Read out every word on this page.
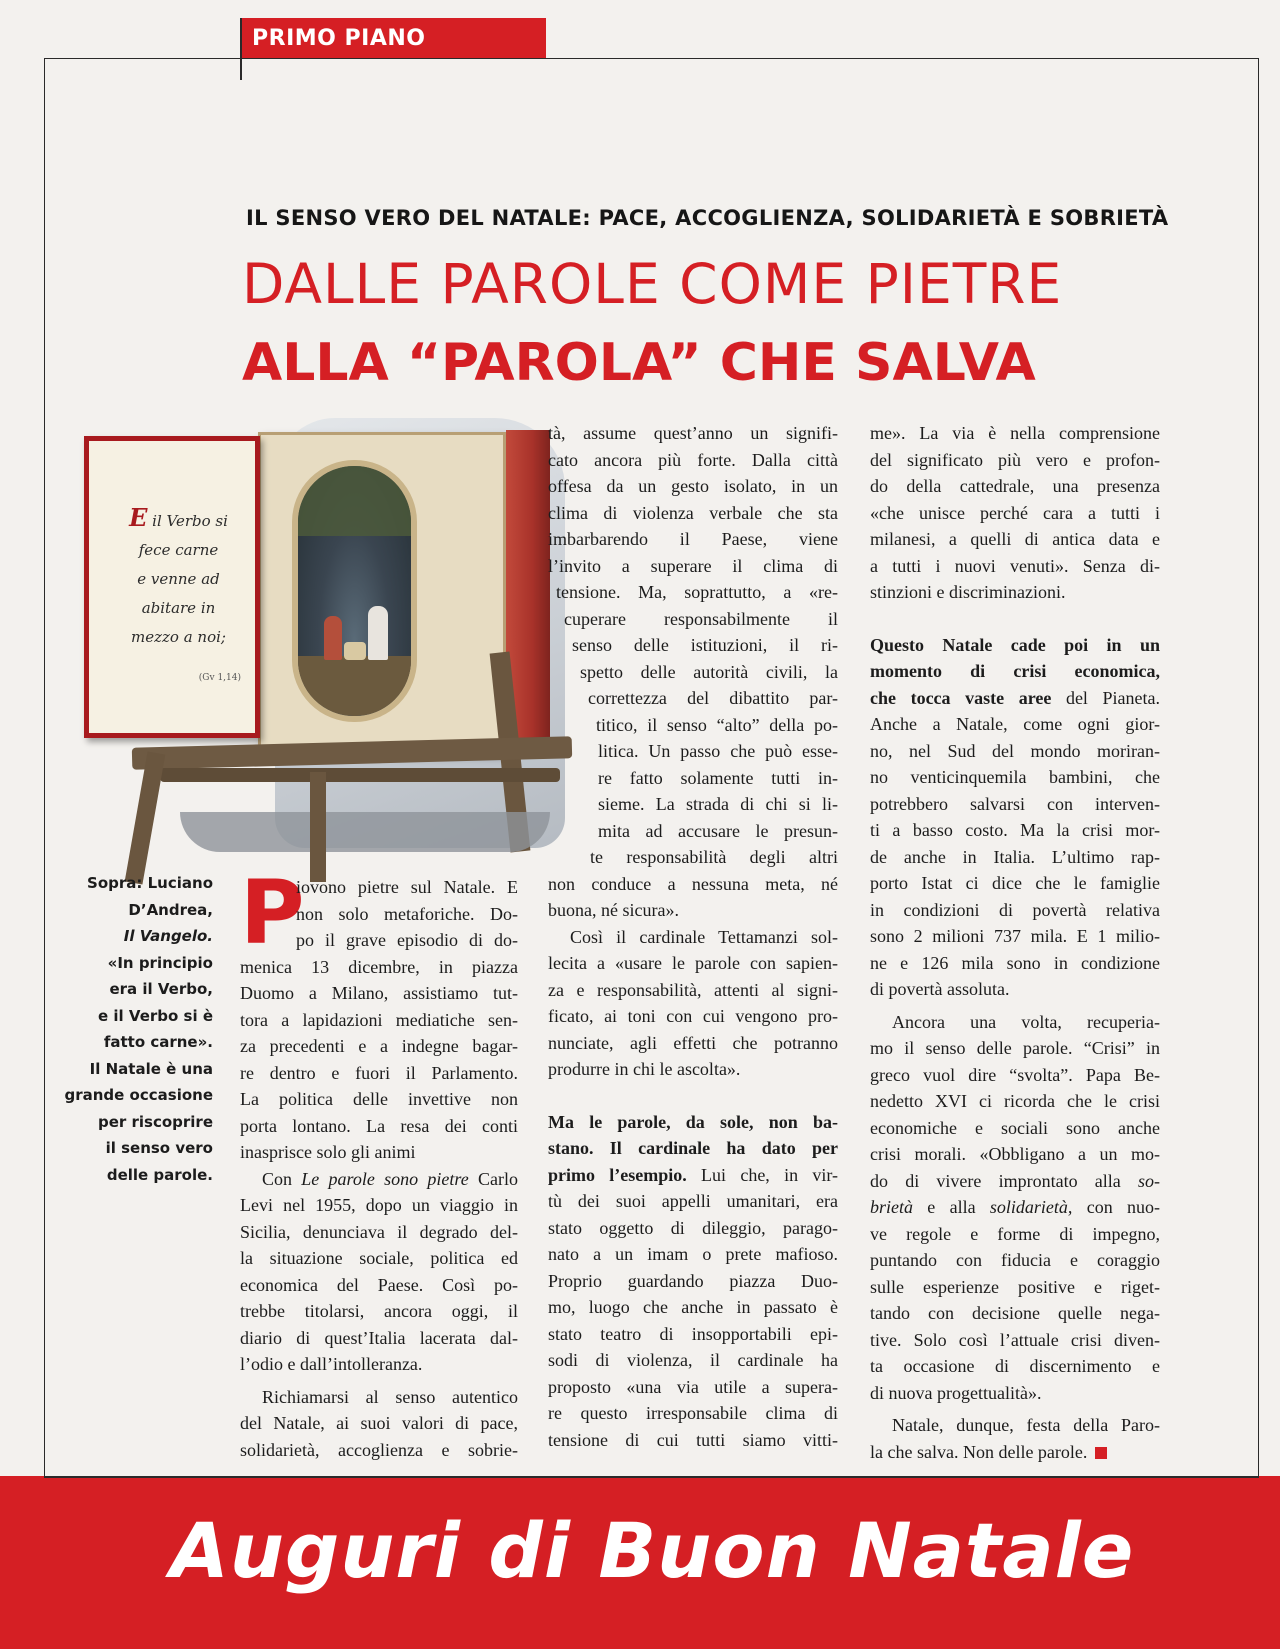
PRIMO PIANO
IL SENSO VERO DEL NATALE: PACE, ACCOGLIENZA, SOLIDARIETÀ E SOBRIETÀ
DALLE PAROLE COME PIETRE
ALLA “PAROLA” CHE SALVA
E il Verbo si
fece carne
e venne ad
abitare in
mezzo a noi;
(Gv 1,14)
Sopra: Luciano
D’Andrea,
Il Vangelo.
«In principio
era il Verbo,
e il Verbo si è
fatto carne».
Il Natale è una
grande occasione
per riscoprire
il senso vero
delle parole.
P
iovono pietre sul Natale. E
non solo metaforiche. Do-
po il grave episodio di do-
menica 13 dicembre, in piazza
Duomo a Milano, assistiamo tut-
tora a lapidazioni mediatiche sen-
za precedenti e a indegne bagar-
re dentro e fuori il Parlamento.
La politica delle invettive non
porta lontano. La resa dei conti
inasprisce solo gli animi
Con Le parole sono pietre Carlo
Levi nel 1955, dopo un viaggio in
Sicilia, denunciava il degrado del-
la situazione sociale, politica ed
economica del Paese. Così po-
trebbe titolarsi, ancora oggi, il
diario di quest’Italia lacerata dal-
l’odio e dall’intolleranza.
Richiamarsi al senso autentico
del Natale, ai suoi valori di pace,
solidarietà, accoglienza e sobrie-
tà, assume quest’anno un signifi-
cato ancora più forte. Dalla città
offesa da un gesto isolato, in un
clima di violenza verbale che sta
imbarbarendo il Paese, viene
l’invito a superare il clima di
tensione. Ma, soprattutto, a «re-
cuperare responsabilmente il
senso delle istituzioni, il ri-
spetto delle autorità civili, la
correttezza del dibattito par-
titico, il senso “alto” della po-
litica. Un passo che può esse-
re fatto solamente tutti in-
sieme. La strada di chi si li-
mita ad accusare le presun-
te responsabilità degli altri
non conduce a nessuna meta, né
buona, né sicura».
Così il cardinale Tettamanzi sol-
lecita a «usare le parole con sapien-
za e responsabilità, attenti al signi-
ficato, ai toni con cui vengono pro-
nunciate, agli effetti che potranno
produrre in chi le ascolta».
Ma le parole, da sole, non ba-
stano. Il cardinale ha dato per
primo l’esempio. Lui che, in vir-
tù dei suoi appelli umanitari, era
stato oggetto di dileggio, parago-
nato a un imam o prete mafioso.
Proprio guardando piazza Duo-
mo, luogo che anche in passato è
stato teatro di insopportabili epi-
sodi di violenza, il cardinale ha
proposto «una via utile a supera-
re questo irresponsabile clima di
tensione di cui tutti siamo vitti-
me». La via è nella comprensione
del significato più vero e profon-
do della cattedrale, una presenza
«che unisce perché cara a tutti i
milanesi, a quelli di antica data e
a tutti i nuovi venuti». Senza di-
stinzioni e discriminazioni.
Questo Natale cade poi in un
momento di crisi economica,
che tocca vaste aree del Pianeta.
Anche a Natale, come ogni gior-
no, nel Sud del mondo moriran-
no venticinquemila bambini, che
potrebbero salvarsi con interven-
ti a basso costo. Ma la crisi mor-
de anche in Italia. L’ultimo rap-
porto Istat ci dice che le famiglie
in condizioni di povertà relativa
sono 2 milioni 737 mila. E 1 milio-
ne e 126 mila sono in condizione
di povertà assoluta.
Ancora una volta, recuperia-
mo il senso delle parole. “Crisi” in
greco vuol dire “svolta”. Papa Be-
nedetto XVI ci ricorda che le crisi
economiche e sociali sono anche
crisi morali. «Obbligano a un mo-
do di vivere improntato alla so-
brietà e alla solidarietà, con nuo-
ve regole e forme di impegno,
puntando con fiducia e coraggio
sulle esperienze positive e riget-
tando con decisione quelle nega-
tive. Solo così l’attuale crisi diven-
ta occasione di discernimento e
di nuova progettualità».
Natale, dunque, festa della Paro-
la che salva. Non delle parole.
Auguri di Buon Natale
